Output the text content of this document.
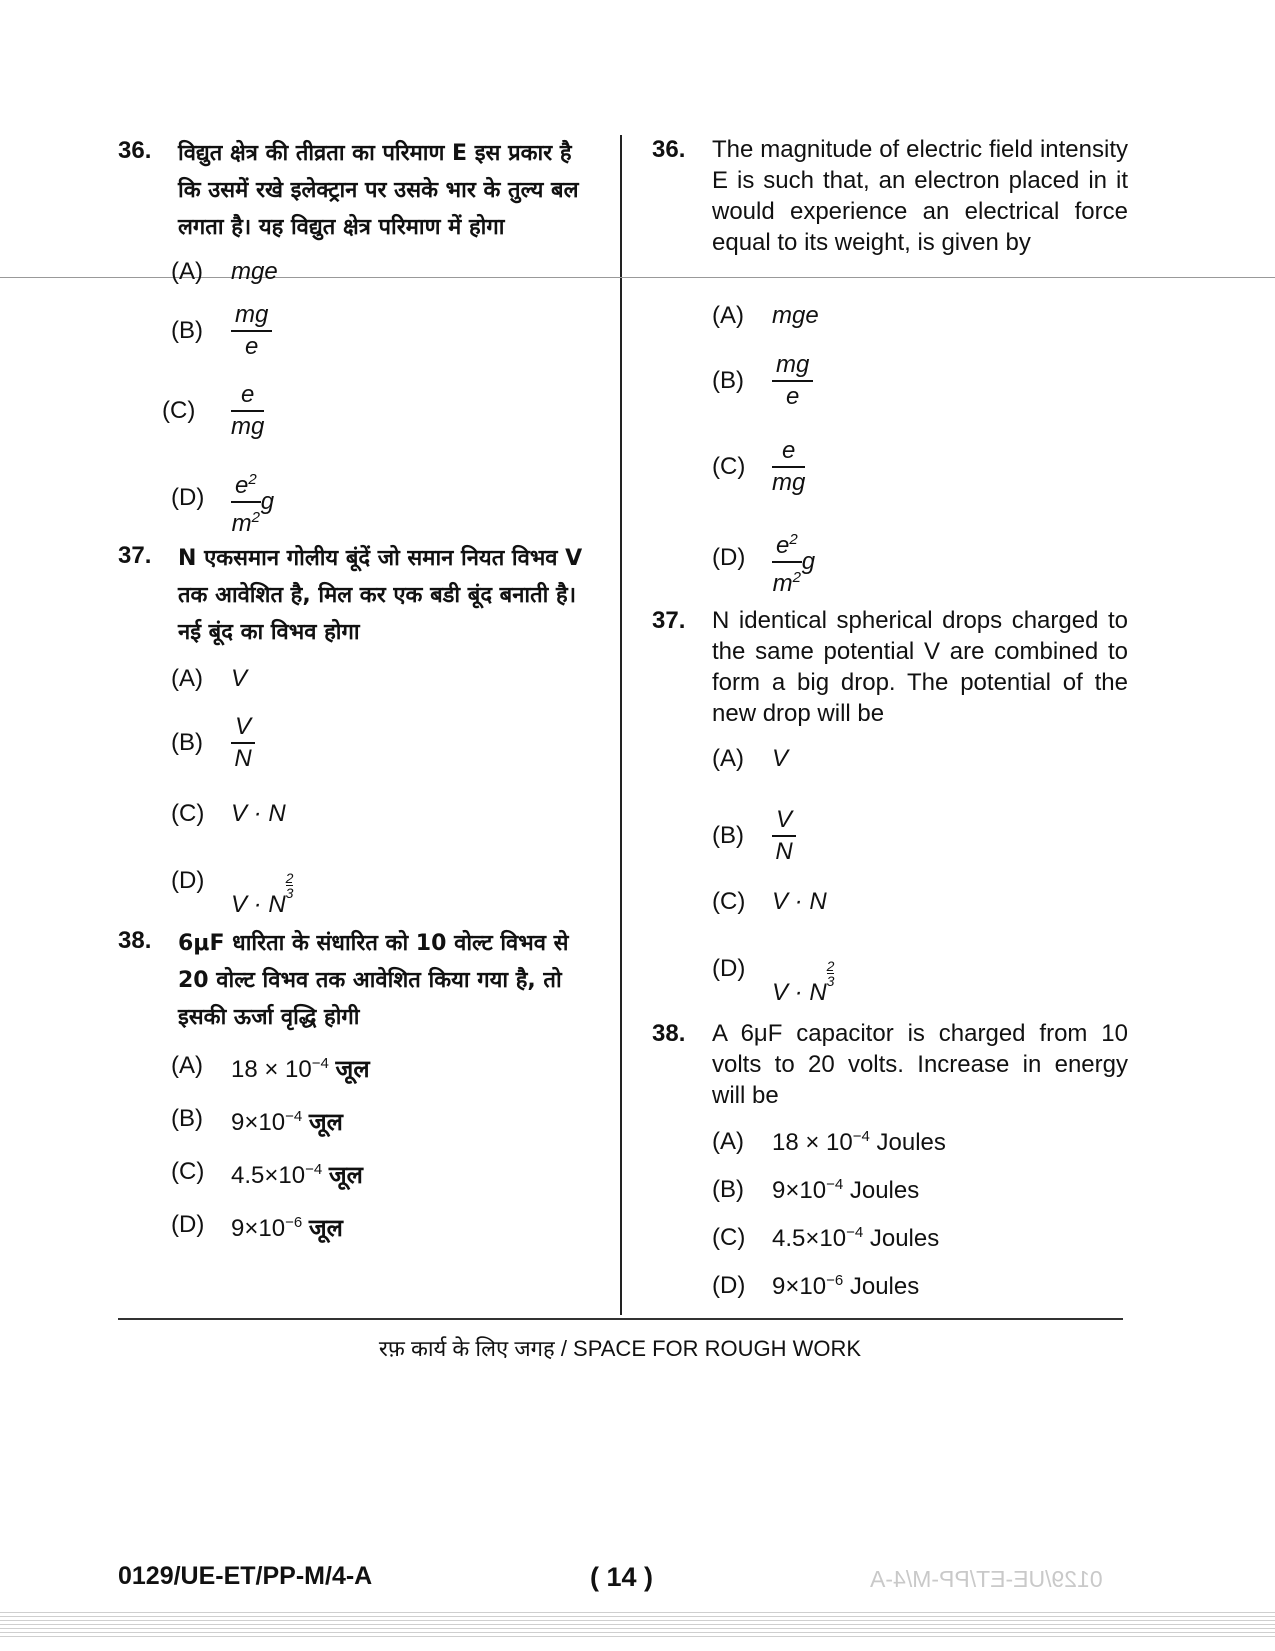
36. विद्युत क्षेत्र की तीव्रता का परिमाण E इस प्रकार है कि उसमें रखे इलेक्ट्रान पर उसके भार के तुल्य बल लगता है। यह विद्युत क्षेत्र परिमाण में होगा
(A) mge
$(B) \frac{mg}{e}$
$(C) \frac{e}{mg}$
$(D) \frac{e^2}{m^2}$ g
37. N एकसमान गोलीय बूंदें जो समान नियत विभव V तक आवेशित है, मिल कर एक बडी बूंद बनाती है। नई बूंद का विभव होगा
(A) V
$(B) \frac{V}{N}$
(C) V · N
(D)
V · N
$\frac{2}{3}$
38. 6μF धारिता के संधारित को 10 वोल्ट विभव से 20 वोल्ट विभव तक आवेशित किया गया है, तो इसकी ऊर्जा वृद्धि होगी
(A) $18 \times 10^{-4}$ जूल
(B) $9\times 10^{-4}$ जूल
(C) $4.5\times 10^{-4}$ जूल
(D) $9\times 10^{-6}$ जूल
36. The magnitude of electric field intensity E is such that, an electron placed in it would experience an electrical force equal to its weight, is given by
(A) mge
$(B) \frac{mg}{e}$
$(C) \frac{e}{mg}$
$(D) \frac{e^2}{m^2}$ g
37. N identical spherical drops charged to the same potential V are combined to form a big drop. The potential of the new drop will be
(A) V
$(B) \frac{V}{N}$
(C) V · N
(D)
V · N
$\frac{2}{3}$
38. A 6μF capacitor is charged from 10 volts to 20 volts. Increase in energy will be
(A) $18 \times 10^{-4}$ Joules
(B) $9\times 10^{-4}$ Joules
(C) $4.5\times 10^{-4}$ Joules
(D) $9\times 10^{-6}$ Joules
रफ़ कार्य के लिए जगह / SPACE FOR ROUGH WORK
0129/UE-ET/PP-M/4-A	( 14 )	0129/UE-ET/PP-M/4-A
